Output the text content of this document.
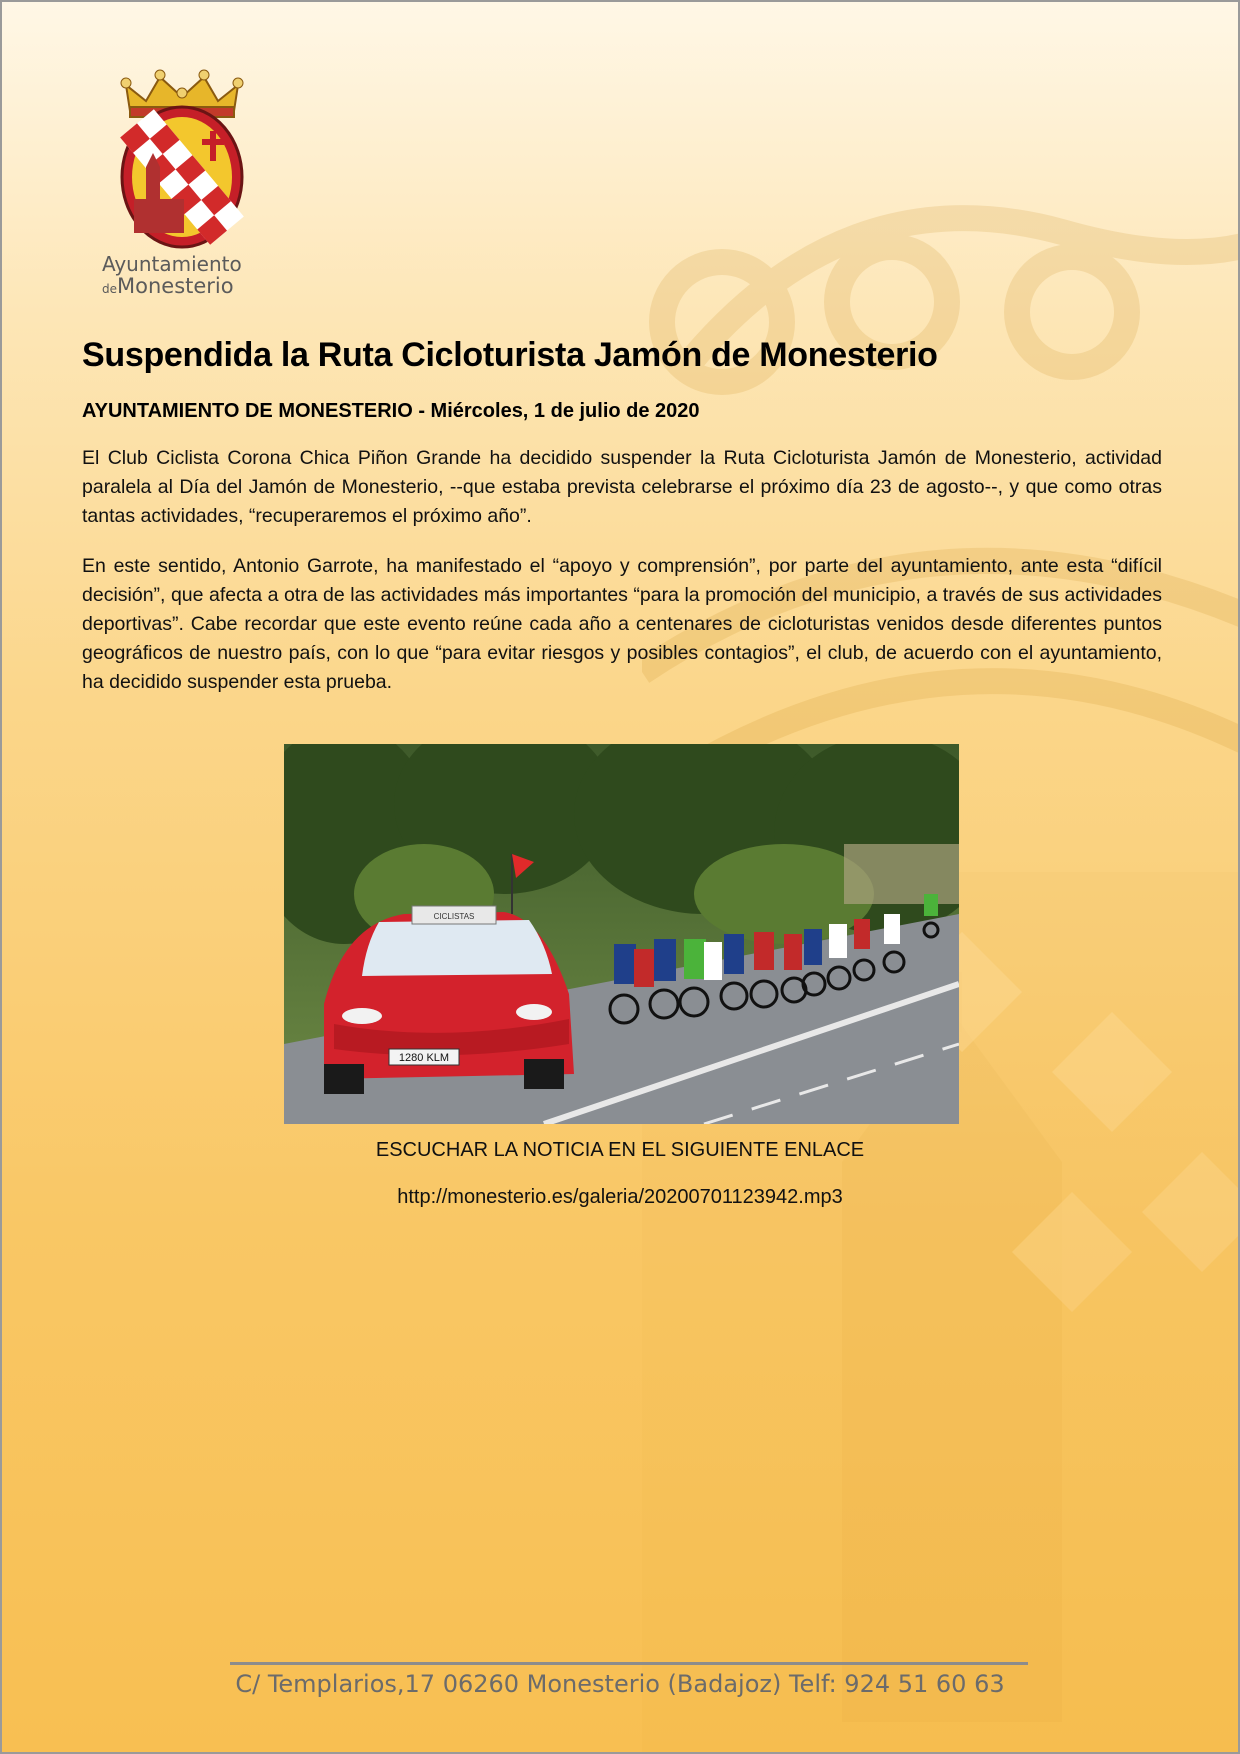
Ayuntamiento
deMonesterio
Suspendida la Ruta Cicloturista Jamón de Monesterio

AYUNTAMIENTO DE MONESTERIO - Miércoles, 1 de julio de 2020

El Club Ciclista Corona Chica Piñon Grande ha decidido suspender la Ruta Cicloturista Jamón de Monesterio, actividad paralela al Día del Jamón de Monesterio, --que estaba prevista celebrarse el próximo día 23 de agosto--, y que como otras tantas actividades, “recuperaremos el próximo año”.

En este sentido, Antonio Garrote, ha manifestado el “apoyo y comprensión”, por parte del ayuntamiento, ante esta “difícil decisión”, que afecta a otra de las actividades más importantes “para la promoción del municipio, a través de sus actividades deportivas”. Cabe recordar que este evento reúne cada año a centenares de cicloturistas venidos desde diferentes puntos geográficos de nuestro país, con lo que “para evitar riesgos y posibles contagios”, el club, de acuerdo con el ayuntamiento, ha decidido suspender esta prueba.

CICLISTAS
1280 KLM

ESCUCHAR LA NOTICIA EN EL SIGUIENTE ENLACE

http://monesterio.es/galeria/20200701123942.mp3

C/ Templarios,17 06260 Monesterio (Badajoz) Telf: 924 51 60 63
